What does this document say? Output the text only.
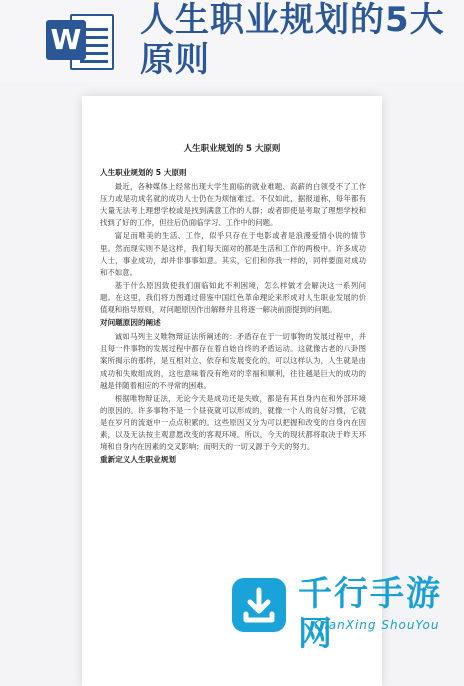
W 人生职业规划的5大原则
人生职业规划的 5 大原则
人生职业规划的 5 大原则

最近，各种媒体上经常出现大学生面临的就业难题、高薪的白领受不了工作压力或是功成名就的成功人士仍在为烦恼难过。不仅如此，据报道称，每年都有大量无法考上理想学校或是找到满意工作的人群；或者即使是考取了理想学校和找到了好的工作，但往后仍面临学习、工作中的问题。

富足而唯美的生活、工作，似乎只存在于电影或者是浪漫爱情小说的情节里。然而现实则不是这样，我们每天面对的都是生活和工作的两极中。许多成功人士，事业成功，却并非事事如意。其实，它们和你我一样的，同样要面对成功和不如意。

基于什么原因致使我们面临如此不利困境，怎么样做才会解决这一系列问题。在这里，我们将力图通过借鉴中国红色革命理论来形成对人生职业发展的价值观和指导原则，对问题原因作出解释并且将逐一解决前面提到的问题。

对问题原因的阐述

诚如马列主义唯物辩证法所阐述的：矛盾存在于一切事物的发展过程中，并且每一件事物的发展过程中都存在着自始自终的矛盾运动。这就像古老的八卦图案所揭示的那样，是互相对立、依存和发展变化的。可以这样认为，人生就是由成功和失败组成的，这也意味着没有绝对的幸福和顺利，往往越是巨大的成功的越是伴随着相应的不寻常的困难。

根据唯物辩证法，无论今天是成功还是失败，都是有其自身内在和外部环境的原因的。许多事物不是一个昼夜就可以形成的，就像一个人的良好习惯，它就是在岁月的流逝中一点点积累的。这些原因又分为可以把握和改变的自身内在因素，以及无法按主观意愿改变的客观环境。所以，今天的现状都将取决于昨天环境和自身内在因素的交叉影响；而明天的一切又源于今天的努力。

重新定义人生职业规划
千行手游网
QianXing ShouYou
